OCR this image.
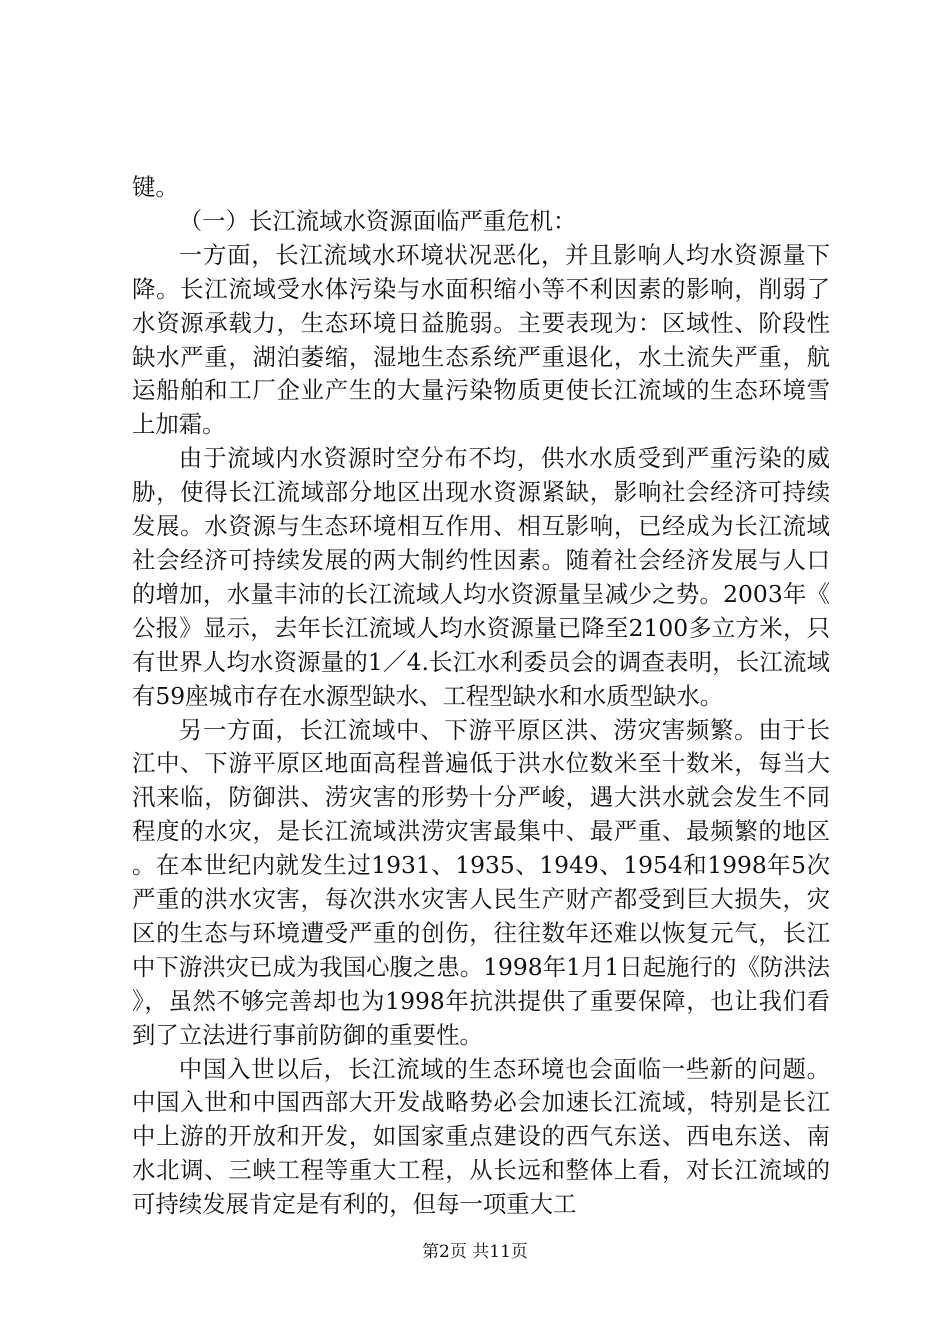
键。

（一）长江流域水资源面临严重危机：

一方面，长江流域水环境状况恶化，并且影响人均水资源量下降。长江流域受水体污染与水面积缩小等不利因素的影响，削弱了水资源承载力，生态环境日益脆弱。主要表现为：区域性、阶段性缺水严重，湖泊萎缩，湿地生态系统严重退化，水土流失严重，航运船舶和工厂企业产生的大量污染物质更使长江流域的生态环境雪上加霜。

由于流域内水资源时空分布不均，供水水质受到严重污染的威胁，使得长江流域部分地区出现水资源紧缺，影响社会经济可持续发展。水资源与生态环境相互作用、相互影响，已经成为长江流域社会经济可持续发展的两大制约性因素。随着社会经济发展与人口的增加，水量丰沛的长江流域人均水资源量呈减少之势。2003年《公报》显示，去年长江流域人均水资源量已降至2100多立方米，只有世界人均水资源量的1／4.长江水利委员会的调查表明，长江流域有59座城市存在水源型缺水、工程型缺水和水质型缺水。

另一方面，长江流域中、下游平原区洪、涝灾害频繁。由于长江中、下游平原区地面高程普遍低于洪水位数米至十数米，每当大汛来临，防御洪、涝灾害的形势十分严峻，遇大洪水就会发生不同程度的水灾，是长江流域洪涝灾害最集中、最严重、最频繁的地区。在本世纪内就发生过1931、1935、1949、1954和1998年5次严重的洪水灾害，每次洪水灾害人民生产财产都受到巨大损失，灾区的生态与环境遭受严重的创伤，往往数年还难以恢复元气，长江中下游洪灾已成为我国心腹之患。1998年1月1日起施行的《防洪法》，虽然不够完善却也为1998年抗洪提供了重要保障，也让我们看到了立法进行事前防御的重要性。

中国入世以后，长江流域的生态环境也会面临一些新的问题。中国入世和中国西部大开发战略势必会加速长江流域，特别是长江中上游的开放和开发，如国家重点建设的西气东送、西电东送、南水北调、三峡工程等重大工程，从长远和整体上看，对长江流域的可持续发展肯定是有利的，但每一项重大工

第2页 共11页
